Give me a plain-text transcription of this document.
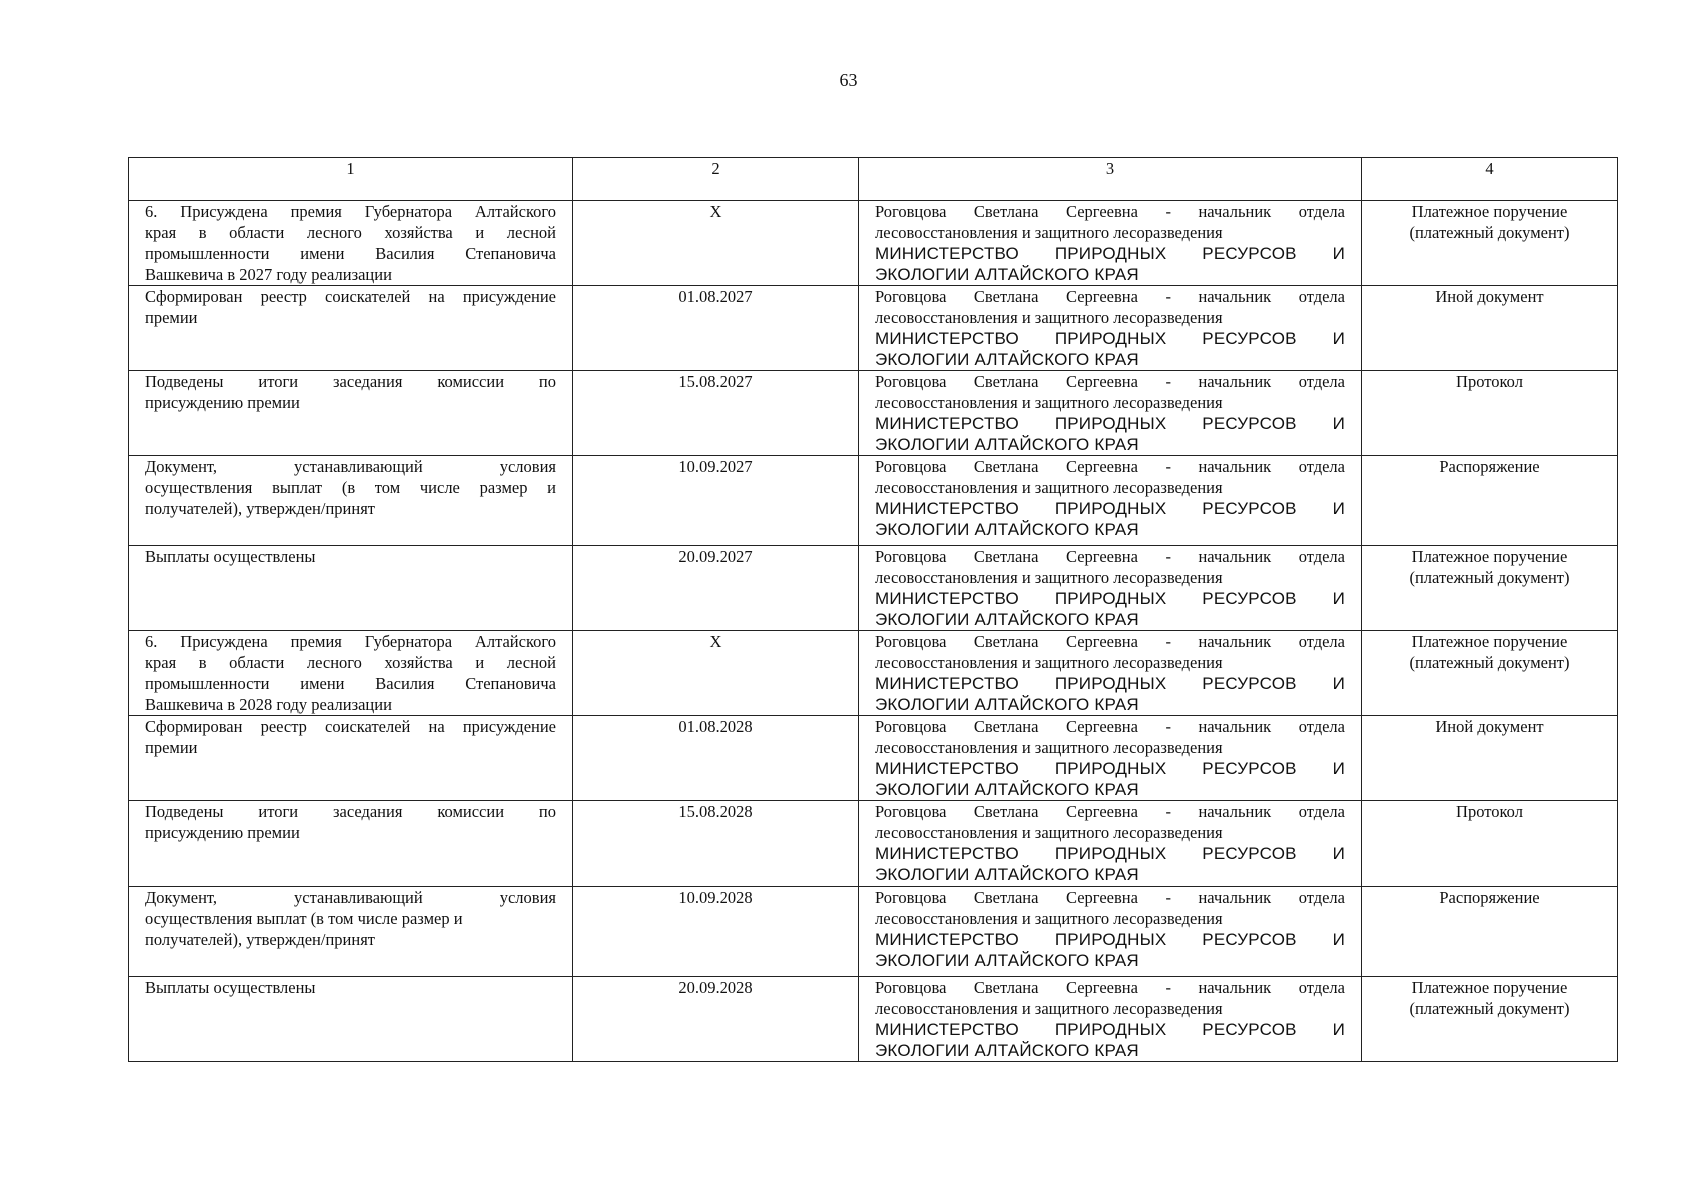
63
1	2	3	4

6. Присуждена премия Губернатора Алтайского
края в области лесного хозяйства и лесной
промышленности имени Василия Степановича
Вашкевича в 2027 году реализации	X	Роговцова Светлана Сергеевна - начальник отдела
лесовосстановления и защитного лесоразведения
МИНИСТЕРСТВО ПРИРОДНЫХ РЕСУРСОВ И
ЭКОЛОГИИ АЛТАЙСКОГО КРАЯ	Платежное поручение (платежный документ)

Сформирован реестр соискателей на присуждение
премии	01.08.2027	Роговцова Светлана Сергеевна - начальник отдела
лесовосстановления и защитного лесоразведения
МИНИСТЕРСТВО ПРИРОДНЫХ РЕСУРСОВ И
ЭКОЛОГИИ АЛТАЙСКОГО КРАЯ	Иной документ

Подведены итоги заседания комиссии по
присуждению премии	15.08.2027	Роговцова Светлана Сергеевна - начальник отдела
лесовосстановления и защитного лесоразведения
МИНИСТЕРСТВО ПРИРОДНЫХ РЕСУРСОВ И
ЭКОЛОГИИ АЛТАЙСКОГО КРАЯ	Протокол

Документ, устанавливающий условия
осуществления выплат (в том числе размер и
получателей), утвержден/принят	10.09.2027	Роговцова Светлана Сергеевна - начальник отдела
лесовосстановления и защитного лесоразведения
МИНИСТЕРСТВО ПРИРОДНЫХ РЕСУРСОВ И
ЭКОЛОГИИ АЛТАЙСКОГО КРАЯ	Распоряжение

Выплаты осуществлены	20.09.2027	Роговцова Светлана Сергеевна - начальник отдела
лесовосстановления и защитного лесоразведения
МИНИСТЕРСТВО ПРИРОДНЫХ РЕСУРСОВ И
ЭКОЛОГИИ АЛТАЙСКОГО КРАЯ	Платежное поручение (платежный документ)

6. Присуждена премия Губернатора Алтайского
края в области лесного хозяйства и лесной
промышленности имени Василия Степановича
Вашкевича в 2028 году реализации	X	Роговцова Светлана Сергеевна - начальник отдела
лесовосстановления и защитного лесоразведения
МИНИСТЕРСТВО ПРИРОДНЫХ РЕСУРСОВ И
ЭКОЛОГИИ АЛТАЙСКОГО КРАЯ	Платежное поручение (платежный документ)

Сформирован реестр соискателей на присуждение
премии	01.08.2028	Роговцова Светлана Сергеевна - начальник отдела
лесовосстановления и защитного лесоразведения
МИНИСТЕРСТВО ПРИРОДНЫХ РЕСУРСОВ И
ЭКОЛОГИИ АЛТАЙСКОГО КРАЯ	Иной документ

Подведены итоги заседания комиссии по
присуждению премии	15.08.2028	Роговцова Светлана Сергеевна - начальник отдела
лесовосстановления и защитного лесоразведения
МИНИСТЕРСТВО ПРИРОДНЫХ РЕСУРСОВ И
ЭКОЛОГИИ АЛТАЙСКОГО КРАЯ	Протокол

Документ, устанавливающий условия
осуществления выплат (в том числе размер и
получателей), утвержден/принят	10.09.2028	Роговцова Светлана Сергеевна - начальник отдела
лесовосстановления и защитного лесоразведения
МИНИСТЕРСТВО ПРИРОДНЫХ РЕСУРСОВ И
ЭКОЛОГИИ АЛТАЙСКОГО КРАЯ	Распоряжение

Выплаты осуществлены	20.09.2028	Роговцова Светлана Сергеевна - начальник отдела
лесовосстановления и защитного лесоразведения
МИНИСТЕРСТВО ПРИРОДНЫХ РЕСУРСОВ И
ЭКОЛОГИИ АЛТАЙСКОГО КРАЯ	Платежное поручение (платежный документ)
